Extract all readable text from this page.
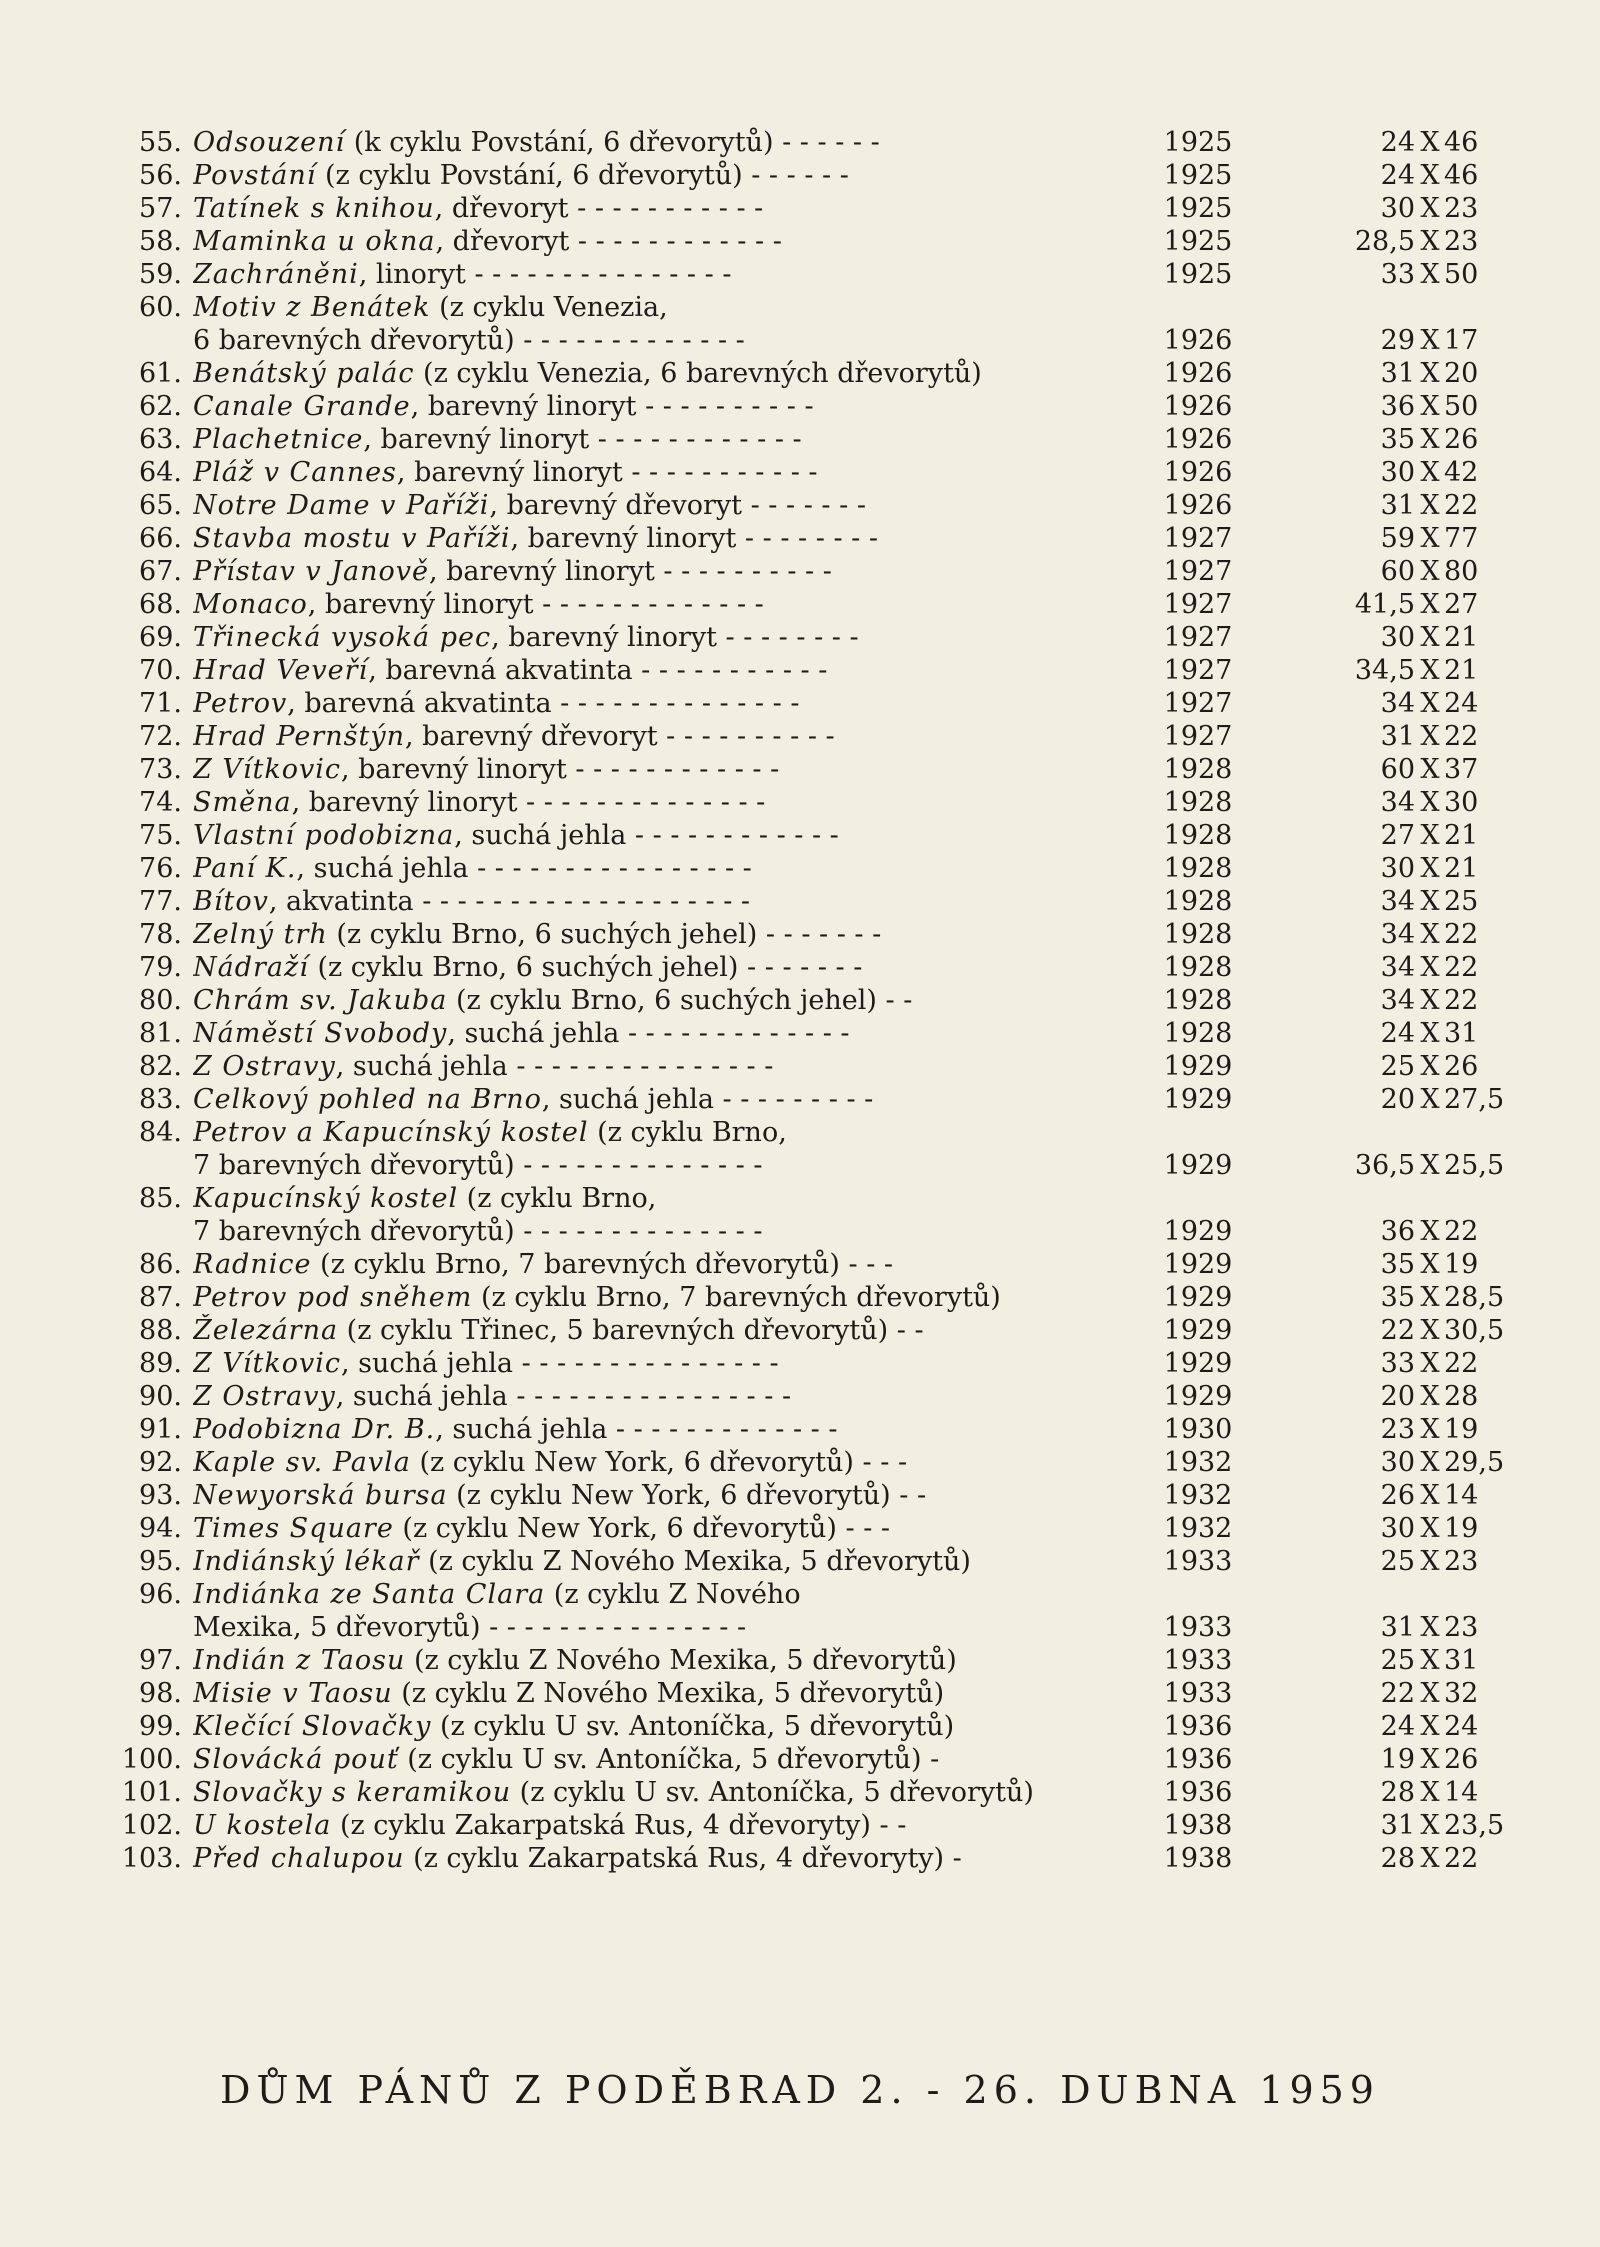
55. Odsouzení (k cyklu Povstání, 6 dřevorytů) - - - - - -	1925	24 X 46
56. Povstání (z cyklu Povstání, 6 dřevorytů) - - - - - -	1925	24 X 46
57. Tatínek s knihou, dřevoryt - - - - - - - - - - -	1925	30 X 23
58. Maminka u okna, dřevoryt - - - - - - - - - - - -	1925	28,5 X 23
59. Zachráněni, linoryt - - - - - - - - - - - - - - -	1925	33 X 50
60. Motiv z Benátek (z cyklu Venezia,
6 barevných dřevorytů) - - - - - - - - - - - - -	1926	29 X 17
61. Benátský palác (z cyklu Venezia, 6 barevných dřevorytů)	1926	31 X 20
62. Canale Grande, barevný linoryt - - - - - - - - - -	1926	36 X 50
63. Plachetnice, barevný linoryt - - - - - - - - - - - -	1926	35 X 26
64. Pláž v Cannes, barevný linoryt - - - - - - - - - - -	1926	30 X 42
65. Notre Dame v Paříži, barevný dřevoryt - - - - - - -	1926	31 X 22
66. Stavba mostu v Paříži, barevný linoryt - - - - - - - -	1927	59 X 77
67. Přístav v Janově, barevný linoryt - - - - - - - - - -	1927	60 X 80
68. Monaco, barevný linoryt - - - - - - - - - - - - -	1927	41,5 X 27
69. Třinecká vysoká pec, barevný linoryt - - - - - - - -	1927	30 X 21
70. Hrad Veveří, barevná akvatinta - - - - - - - - - - -	1927	34,5 X 21
71. Petrov, barevná akvatinta - - - - - - - - - - - - - -	1927	34 X 24
72. Hrad Pernštýn, barevný dřevoryt - - - - - - - - - -	1927	31 X 22
73. Z Vítkovic, barevný linoryt - - - - - - - - - - - -	1928	60 X 37
74. Směna, barevný linoryt - - - - - - - - - - - - - -	1928	34 X 30
75. Vlastní podobizna, suchá jehla - - - - - - - - - - - -	1928	27 X 21
76. Paní K., suchá jehla - - - - - - - - - - - - - - - -	1928	30 X 21
77. Bítov, akvatinta - - - - - - - - - - - - - - - - - - -	1928	34 X 25
78. Zelný trh (z cyklu Brno, 6 suchých jehel) - - - - - - -	1928	34 X 22
79. Nádraží (z cyklu Brno, 6 suchých jehel) - - - - - - -	1928	34 X 22
80. Chrám sv. Jakuba (z cyklu Brno, 6 suchých jehel) - -	1928	34 X 22
81. Náměstí Svobody, suchá jehla - - - - - - - - - - - - -	1928	24 X 31
82. Z Ostravy, suchá jehla - - - - - - - - - - - - - - -	1929	25 X 26
83. Celkový pohled na Brno, suchá jehla - - - - - - - - -	1929	20 X 27,5
84. Petrov a Kapucínský kostel (z cyklu Brno,
7 barevných dřevorytů) - - - - - - - - - - - - - -	1929	36,5 X 25,5
85. Kapucínský kostel (z cyklu Brno,
7 barevných dřevorytů) - - - - - - - - - - - - - -	1929	36 X 22
86. Radnice (z cyklu Brno, 7 barevných dřevorytů) - - -	1929	35 X 19
87. Petrov pod sněhem (z cyklu Brno, 7 barevných dřevorytů)	1929	35 X 28,5
88. Železárna (z cyklu Třinec, 5 barevných dřevorytů) - -	1929	22 X 30,5
89. Z Vítkovic, suchá jehla - - - - - - - - - - - - - - -	1929	33 X 22
90. Z Ostravy, suchá jehla - - - - - - - - - - - - - - - -	1929	20 X 28
91. Podobizna Dr. B., suchá jehla - - - - - - - - - - - - -	1930	23 X 19
92. Kaple sv. Pavla (z cyklu New York, 6 dřevorytů) - - -	1932	30 X 29,5
93. Newyorská bursa (z cyklu New York, 6 dřevorytů) - -	1932	26 X 14
94. Times Square (z cyklu New York, 6 dřevorytů) - - -	1932	30 X 19
95. Indiánský lékař (z cyklu Z Nového Mexika, 5 dřevorytů)	1933	25 X 23
96. Indiánka ze Santa Clara (z cyklu Z Nového
Mexika, 5 dřevorytů) - - - - - - - - - - - - - - -	1933	31 X 23
97. Indián z Taosu (z cyklu Z Nového Mexika, 5 dřevorytů)	1933	25 X 31
98. Misie v Taosu (z cyklu Z Nového Mexika, 5 dřevorytů)	1933	22 X 32
99. Klečící Slovačky (z cyklu U sv. Antoníčka, 5 dřevorytů)	1936	24 X 24
100. Slovácká pouť (z cyklu U sv. Antoníčka, 5 dřevorytů) -	1936	19 X 26
101. Slovačky s keramikou (z cyklu U sv. Antoníčka, 5 dřevorytů)	1936	28 X 14
102. U kostela (z cyklu Zakarpatská Rus, 4 dřevoryty) - -	1938	31 X 23,5
103. Před chalupou (z cyklu Zakarpatská Rus, 4 dřevoryty) -	1938	28 X 22
DŮM PÁNŮ Z PODĚBRAD 2. - 26. DUBNA 1959
